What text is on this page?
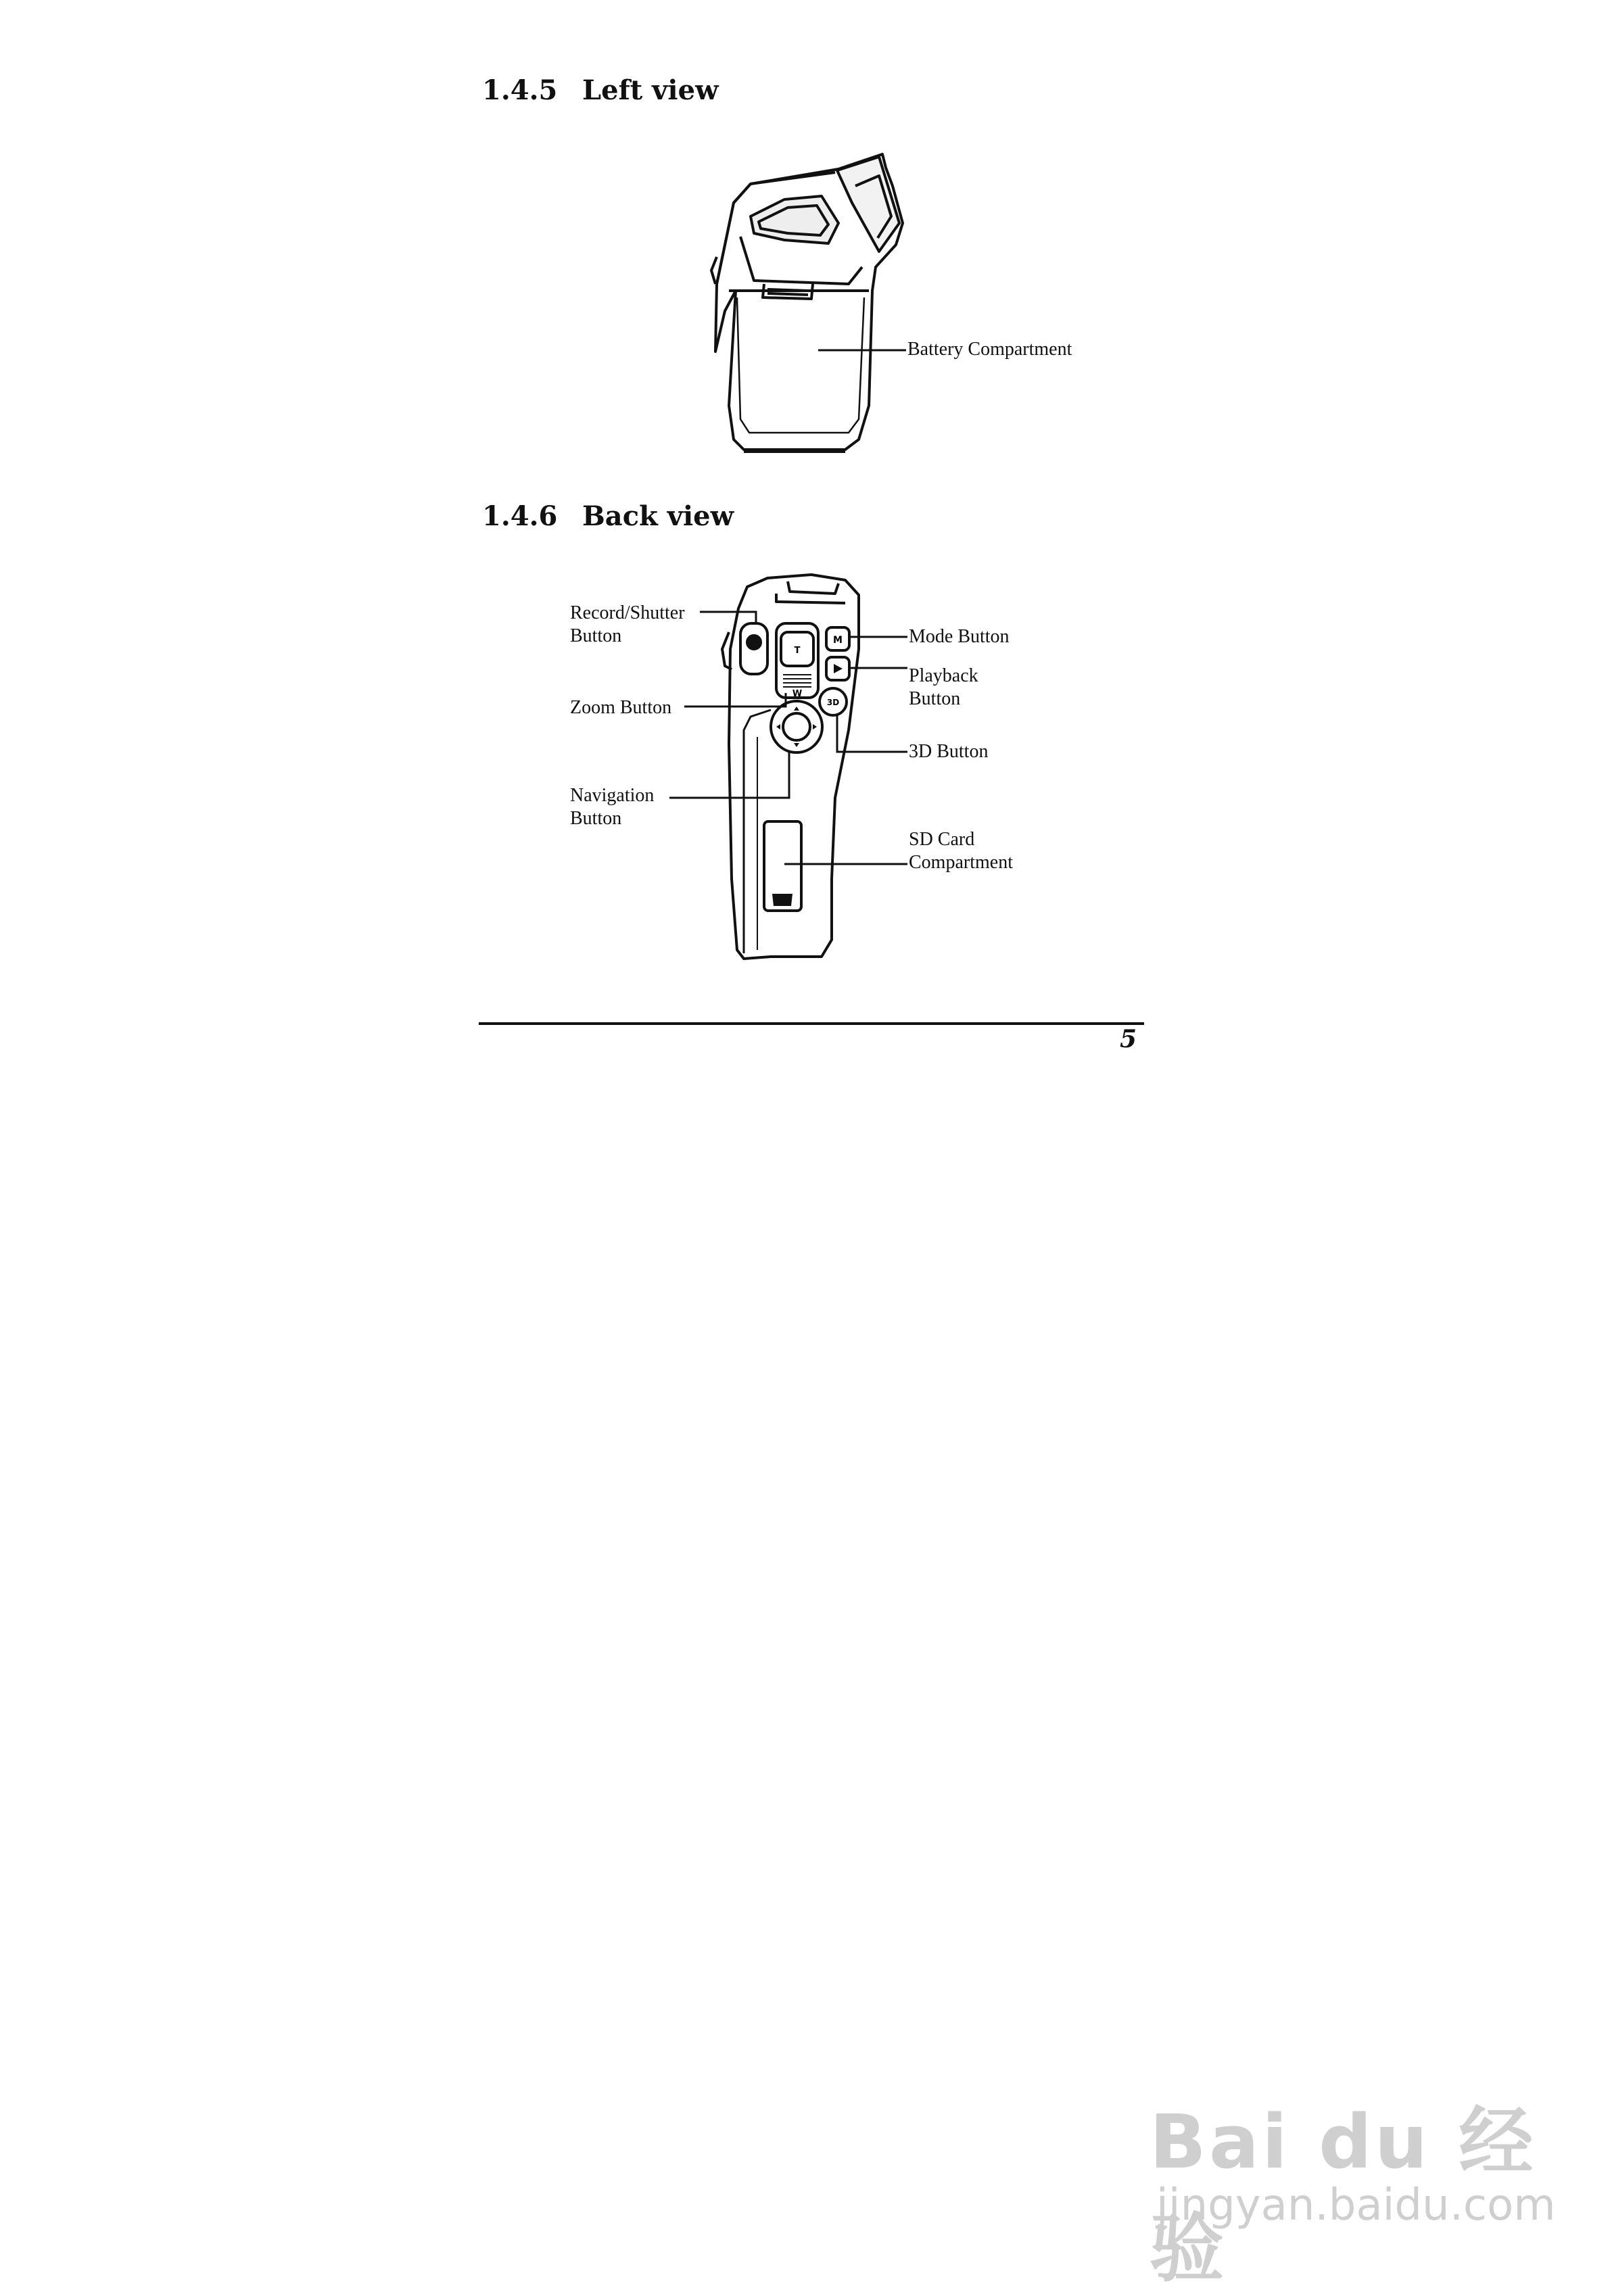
1.4.5 Left view
1.4.6 Back view
T
W
M
3D
Battery Compartment
Record/Shutter
Button	Mode Button
Playback
Button
Zoom Button
3D Button
Navigation
Button
SD Card
Compartment
5
Bai du 经验
jingyan.baidu.com
